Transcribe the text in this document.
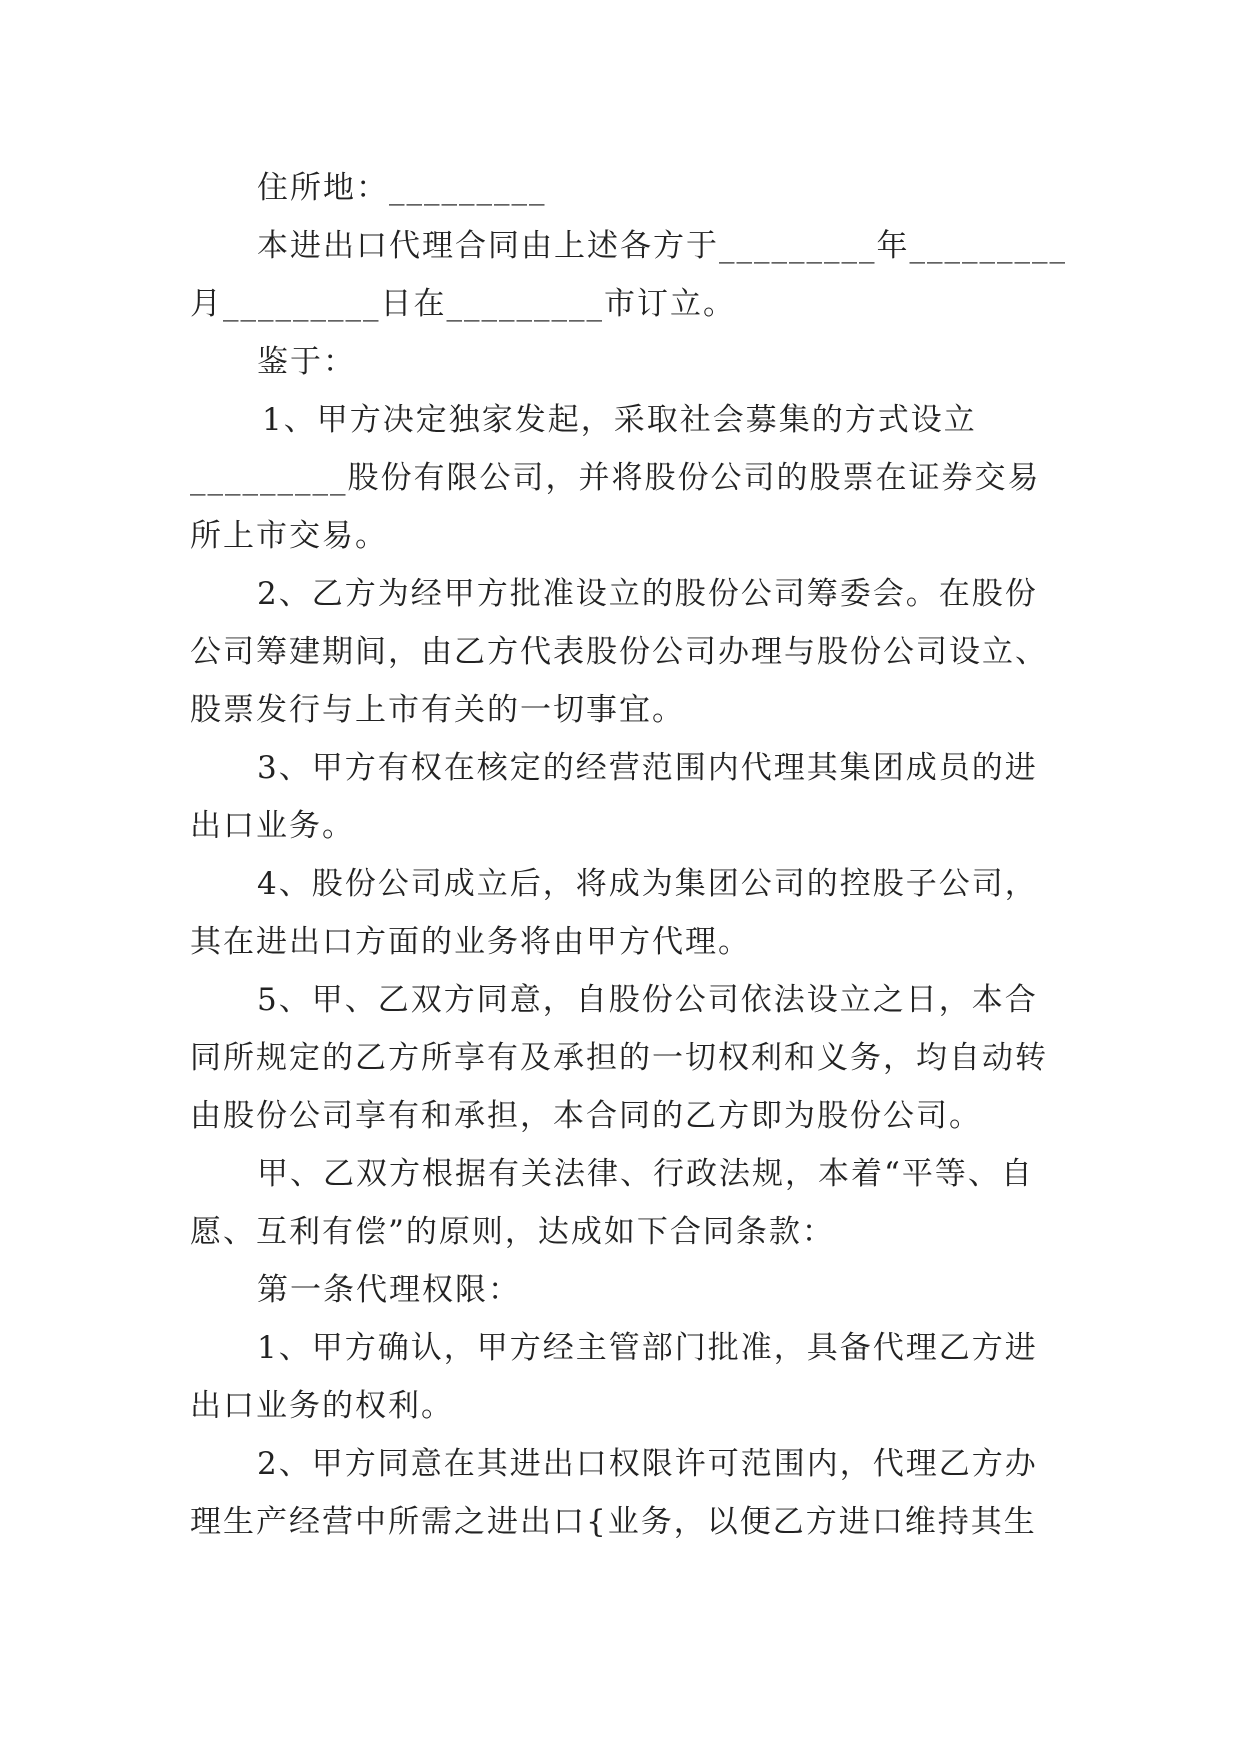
住所地：_________
本进出口代理合同由上述各方于_________年_________
月_________日在_________市订立。
鉴于：
1、甲方决定独家发起，采取社会募集的方式设立
_________股份有限公司，并将股份公司的股票在证券交易
所上市交易。
2、乙方为经甲方批准设立的股份公司筹委会。在股份
公司筹建期间，由乙方代表股份公司办理与股份公司设立、
股票发行与上市有关的一切事宜。
3、甲方有权在核定的经营范围内代理其集团成员的进
出口业务。
4、股份公司成立后，将成为集团公司的控股子公司，
其在进出口方面的业务将由甲方代理。
5、甲、乙双方同意，自股份公司依法设立之日，本合
同所规定的乙方所享有及承担的一切权利和义务，均自动转
由股份公司享有和承担，本合同的乙方即为股份公司。
甲、乙双方根据有关法律、行政法规，本着“平等、自
愿、互利有偿”的原则，达成如下合同条款：
第一条代理权限：
1、甲方确认，甲方经主管部门批准，具备代理乙方进
出口业务的权利。
2、甲方同意在其进出口权限许可范围内，代理乙方办
理生产经营中所需之进出口{业务，以便乙方进口维持其生
